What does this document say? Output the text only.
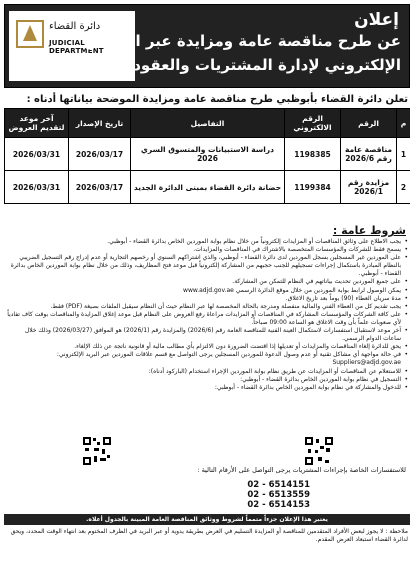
دائرة القضاء
JUDICIAL DEPARTMENT
إعلان
عن طرح مناقصة عامة ومزايدة عبر البرنامج
الإلكتروني لإدارة المشتريات والعقود
تعلن دائرة القضاء بأبوظبي طرح مناقصة عامة ومزايدة الموضحة بياناتها أدناه :
م	الرقم	الرقم الالكتروني	التفاصيل	تاريخ الإصدار	آخر موعد لتقديم العروض
1	مناقصة عامة رقم 2026/6	1198385	دراسة الاستبيانات والمتسوق السري 2026	2026/03/17	2026/03/31
2	مزايدة رقم 2026/1	1199384	حضانة دائرة القضاء بمبنى الدائرة الجديد	2026/03/17	2026/03/31
شروط عامة :

• يجب الاطلاع على وثائق المناقصات أو المزايدات إلكترونياً من خلال نظام بوابة الموردين الخاص بدائرة القضاء - أبوظبي.

• يسمح فقط للشركات والمؤسسات المتخصصة بالاشتراك في المناقصات والمزايدات.

• على الموردين غير المسجلين بسجل الموردين لدى دائرة القضاء - أبوظبي، والذي اشتراكهم السنوي أو رخصهم التجارية أو عدم إدراج رقم التسجيل الضريبي بالنظام المبادرة باستكمال إجراءات تسجيلهم للجنب حجبهم من المشاركة إلكترونياً قبل موعد فتح المظاريف، وذلك من خلال نظام بوابة الموردين الخاص بدائرة القضاء - أبوظبي.

• على جميع الموردين تحديث بياناتهم في النظام للتمكن من المشاركة.

• يمكن الوصول لرابط بوابة الموردين من خلال موقع الدائرة الرسمي www.adjd.gov.ae

• مدة سريان العطاء (90) يوماً بعد تاريخ الاغلاق.

• يجب تقديم كل من العطاء الفني والمالية منفصلة ومدرجة بالحالة المخصصة لها عبر النظام حيث أن النظام سيقبل الملفات بصيغة (PDF) فقط.

• على كافة الشركات والمؤسسات المشاركة في المناقصات أو المزايدات مراعاة رفع العروض على النظام قبل موعد إغلاق المزايدة والمناقصات بوقت كاف تفادياً لأي صعوبات علماً بأن وقت الاغلاق هو الساعة 09:00 صباحاً.

• آخر موعد لاستقبال استفسارات لاستكمال العينة الفنية للمناقصة العامة رقم (2026/6) والمزايدة رقم (2026/1) هو الموافق (2026/03/27) وذلك خلال ساعات الدوام الرسمي.

• يحق للدائرة إلغاء المناقصات والمزايدات أو تعديلها إذا اقتضت الضرورة دون الالتزام بأي مطالب مالية أو قانونية ناتجة عن ذلك الإلغاء.

• في حالة مواجهة أي مشاكل تقنية أو عدم وصول الدعوة للموردين المسجلين يرجى التواصل مع قسم علاقات الموردين عبر البريد الإلكتروني: Suppliers@adjd.gov.ae

• للاستعلام عن المناقصات أو المزايدات عن طريق نظام بوابة الموردين الإجراء استخدام (الباركود أدناه):

• التسجيل في نظام بوابة الموردين الخاص بدائرة القضاء - أبوظبي:

• للدخول والمشاركة في نظام بوابة الموردين الخاص بدائرة القضاء - أبوظبي:

للاستفسارات الخاصة بإجراءات المشتريات يرجى التواصل على الأرقام التالية :
02 - 6514151
02 - 6513559
02 - 6514153
يعتبر هذا الإعلان جزءاً متمماً لشروط ووثائق المناقصة العامة المبينة بالجدول أعلاه.
ملاحظة : لا يجوز لبعض الأفراد المتقدمين للمناقصة أو المزايدة التسليم في العرض بطريقة يدوية أو عبر البريد في الظرف المختوم بعد انتهاء الوقت المحدد، ويحق لدائرة القضاء استبعاد العرض المقدم.
